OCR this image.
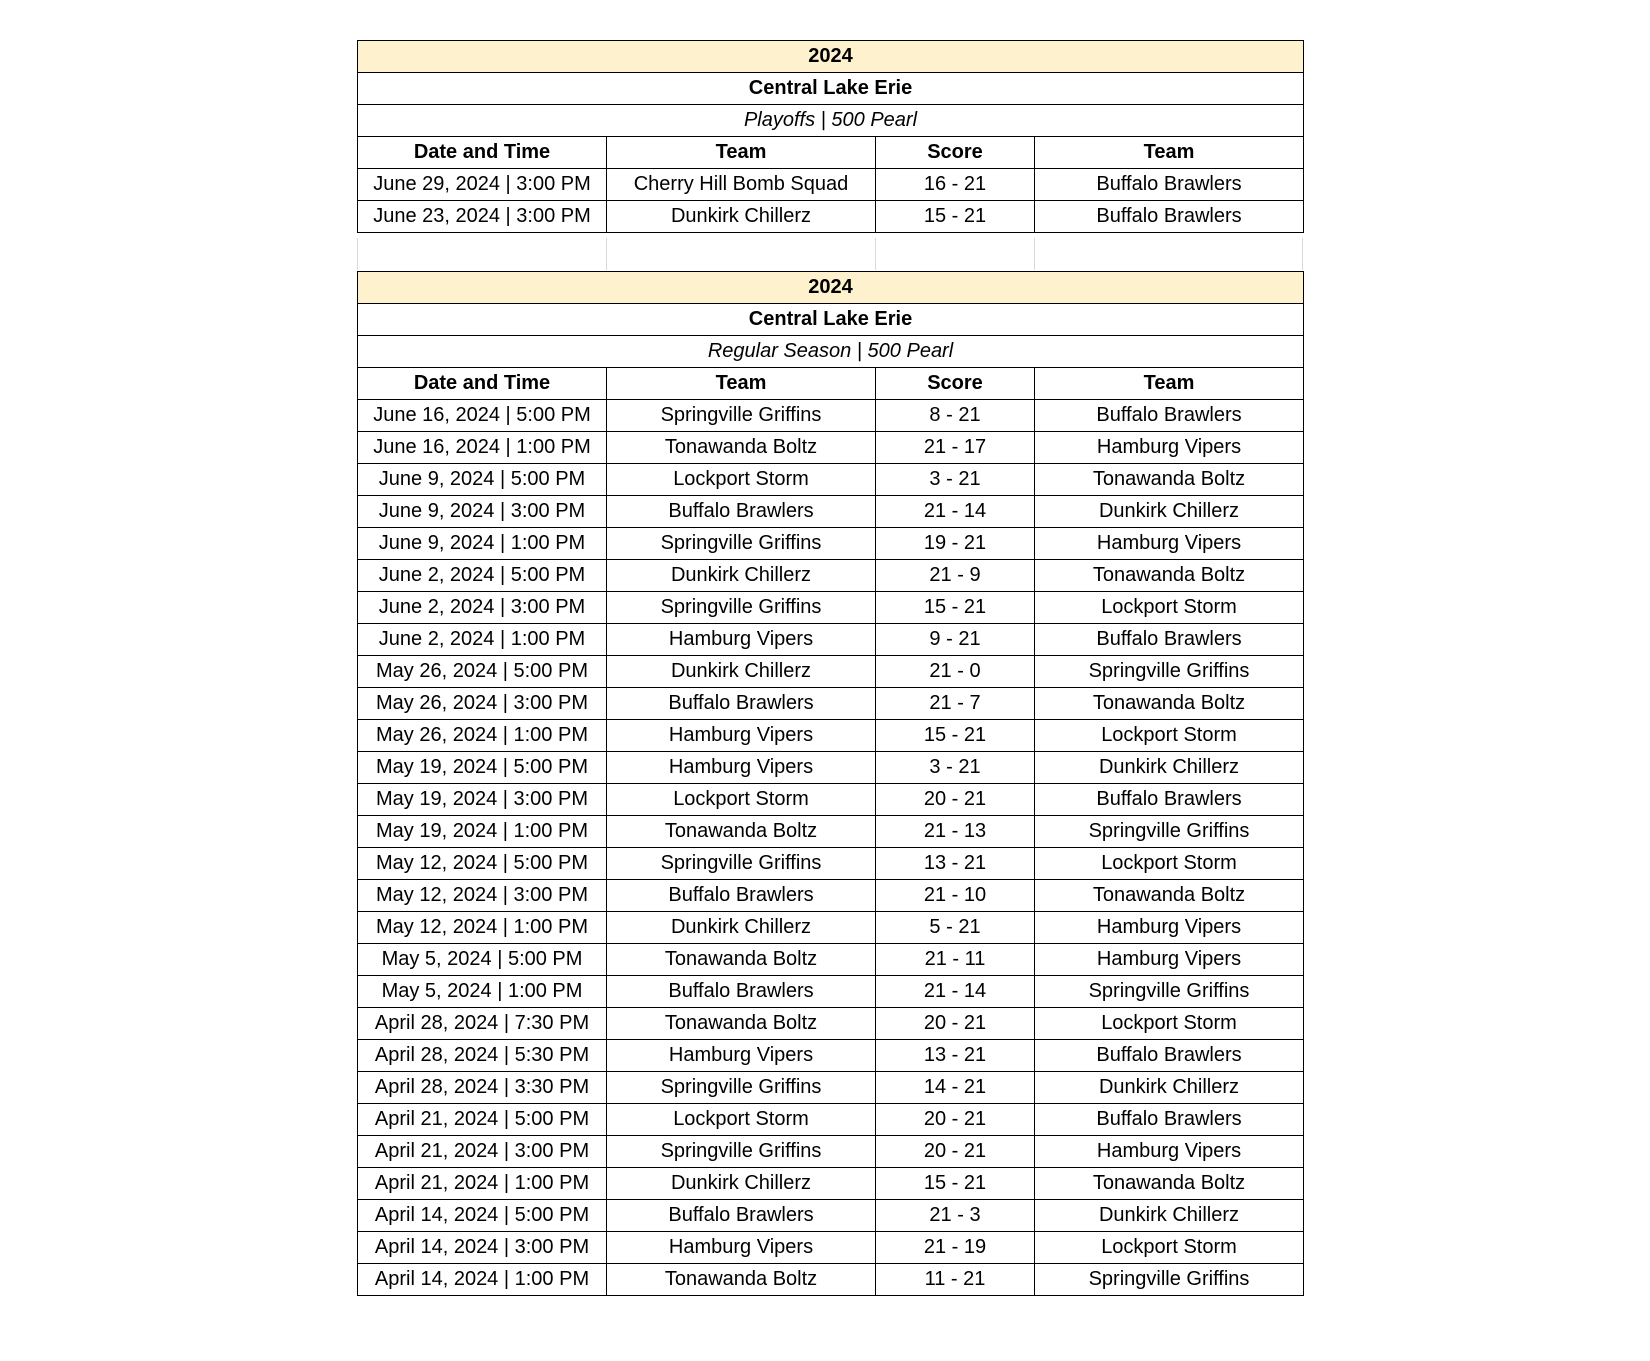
2024			
Central Lake Erie			
Playoffs | 500 Pearl			
Date and Time	Team	Score	Team
June 29, 2024 | 3:00 PM	Cherry Hill Bomb Squad	16 - 21	Buffalo Brawlers
June 23, 2024 | 3:00 PM	Dunkirk Chillerz	15 - 21	Buffalo Brawlers
2024			
Central Lake Erie			
Regular Season | 500 Pearl			
Date and Time	Team	Score	Team
June 16, 2024 | 5:00 PM	Springville Griffins	8 - 21	Buffalo Brawlers
June 16, 2024 | 1:00 PM	Tonawanda Boltz	21 - 17	Hamburg Vipers
June 9, 2024 | 5:00 PM	Lockport Storm	3 - 21	Tonawanda Boltz
June 9, 2024 | 3:00 PM	Buffalo Brawlers	21 - 14	Dunkirk Chillerz
June 9, 2024 | 1:00 PM	Springville Griffins	19 - 21	Hamburg Vipers
June 2, 2024 | 5:00 PM	Dunkirk Chillerz	21 - 9	Tonawanda Boltz
June 2, 2024 | 3:00 PM	Springville Griffins	15 - 21	Lockport Storm
June 2, 2024 | 1:00 PM	Hamburg Vipers	9 - 21	Buffalo Brawlers
May 26, 2024 | 5:00 PM	Dunkirk Chillerz	21 - 0	Springville Griffins
May 26, 2024 | 3:00 PM	Buffalo Brawlers	21 - 7	Tonawanda Boltz
May 26, 2024 | 1:00 PM	Hamburg Vipers	15 - 21	Lockport Storm
May 19, 2024 | 5:00 PM	Hamburg Vipers	3 - 21	Dunkirk Chillerz
May 19, 2024 | 3:00 PM	Lockport Storm	20 - 21	Buffalo Brawlers
May 19, 2024 | 1:00 PM	Tonawanda Boltz	21 - 13	Springville Griffins
May 12, 2024 | 5:00 PM	Springville Griffins	13 - 21	Lockport Storm
May 12, 2024 | 3:00 PM	Buffalo Brawlers	21 - 10	Tonawanda Boltz
May 12, 2024 | 1:00 PM	Dunkirk Chillerz	5 - 21	Hamburg Vipers
May 5, 2024 | 5:00 PM	Tonawanda Boltz	21 - 11	Hamburg Vipers
May 5, 2024 | 1:00 PM	Buffalo Brawlers	21 - 14	Springville Griffins
April 28, 2024 | 7:30 PM	Tonawanda Boltz	20 - 21	Lockport Storm
April 28, 2024 | 5:30 PM	Hamburg Vipers	13 - 21	Buffalo Brawlers
April 28, 2024 | 3:30 PM	Springville Griffins	14 - 21	Dunkirk Chillerz
April 21, 2024 | 5:00 PM	Lockport Storm	20 - 21	Buffalo Brawlers
April 21, 2024 | 3:00 PM	Springville Griffins	20 - 21	Hamburg Vipers
April 21, 2024 | 1:00 PM	Dunkirk Chillerz	15 - 21	Tonawanda Boltz
April 14, 2024 | 5:00 PM	Buffalo Brawlers	21 - 3	Dunkirk Chillerz
April 14, 2024 | 3:00 PM	Hamburg Vipers	21 - 19	Lockport Storm
April 14, 2024 | 1:00 PM	Tonawanda Boltz	11 - 21	Springville Griffins
